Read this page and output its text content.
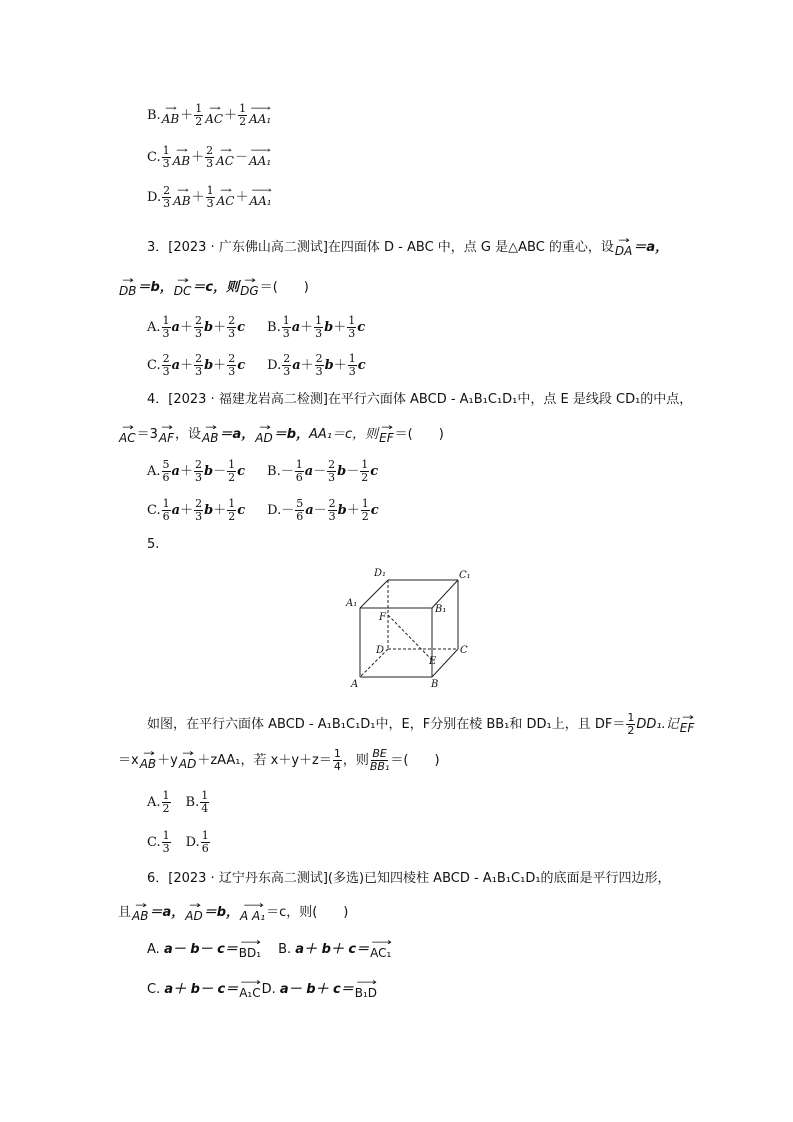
B. →
AB ＋ $\frac{1}{2}$ →
AC ＋ $\frac{1}{2}$ ⟶
AA₁
C. $\frac{1}{3}$ →
AB ＋ $\frac{2}{3}$ →
AC － ⟶
AA₁
D. $\frac{2}{3}$ →
AB ＋ $\frac{1}{3}$ →
AC ＋ ⟶
AA₁
3．[2023 · 广东佛山高二测试]在四面体 D - ABC 中，点 G 是△ABC 的重心，设 →
DA ＝a，
→
DB ＝b， →
DC ＝c，则 →
DG ＝(　　)
A. $\frac{1}{3}$ $a + \frac{2}{3}$ $b + \frac{2}{3}$ c B. $\frac{1}{3}$ $a + \frac{1}{3}$ $b + \frac{1}{3}$ c
C. $\frac{2}{3}$ $a + \frac{2}{3}$ $b + \frac{2}{3}$ c D. $\frac{2}{3}$ $a + \frac{2}{3}$ $b + \frac{1}{3}$ c
4．[2023 · 福建龙岩高二检测]在平行六面体 ABCD - A₁B₁C₁D₁中，点 E 是线段 CD₁的中点，
→
AC ＝3 →
AF ，设 →
AB ＝a， →
AD ＝b， AA₁＝c，则 →
EF ＝(　　)
A. $\frac{5}{6}$ $a + \frac{2}{3}$ $b - \frac{1}{2}$ c B. － $\frac{1}{6}$ $a - \frac{2}{3}$ $b - \frac{1}{2}$ c
C. $\frac{1}{6}$ $a + \frac{2}{3}$ $b + \frac{1}{2}$ c D. － $\frac{5}{6}$ $a - \frac{2}{3}$ $b + \frac{1}{2}$ c
5.
D₁	C₁
A₁
B₁
F
D	C
E
A	B
如图，在平行六面体 ABCD - A₁B₁C₁D₁中，E，F分别在棱 BB₁和 DD₁上，且 $DF= \frac{1}{2} DD_1$.记 →
EF
＝x →
AB ＋y →
AD ＋zAA₁，若 $x+y+z= \frac{1}{4}$ ，则 $\frac{BE}{\text{BB₁}}$ ＝(　　)
A. $\frac{1}{2} B$. $\frac{1}{4}$
C. $\frac{1}{3} D$. $\frac{1}{6}$
6．[2023 · 辽宁丹东高二测试](多选)已知四棱柱 ABCD - A₁B₁C₁D₁的底面是平行四边形，
且 →
AB ＝a， →
AD ＝b， ⟶
A A₁ ＝c，则(　　)
A.
a－ b－ c＝ ⟶
BD₁ B.
a＋ b＋ c＝ ⟶
AC₁
C.
a＋ b－ c＝ ⟶
A₁C D.
a－ b＋ c＝ ⟶
B₁D
